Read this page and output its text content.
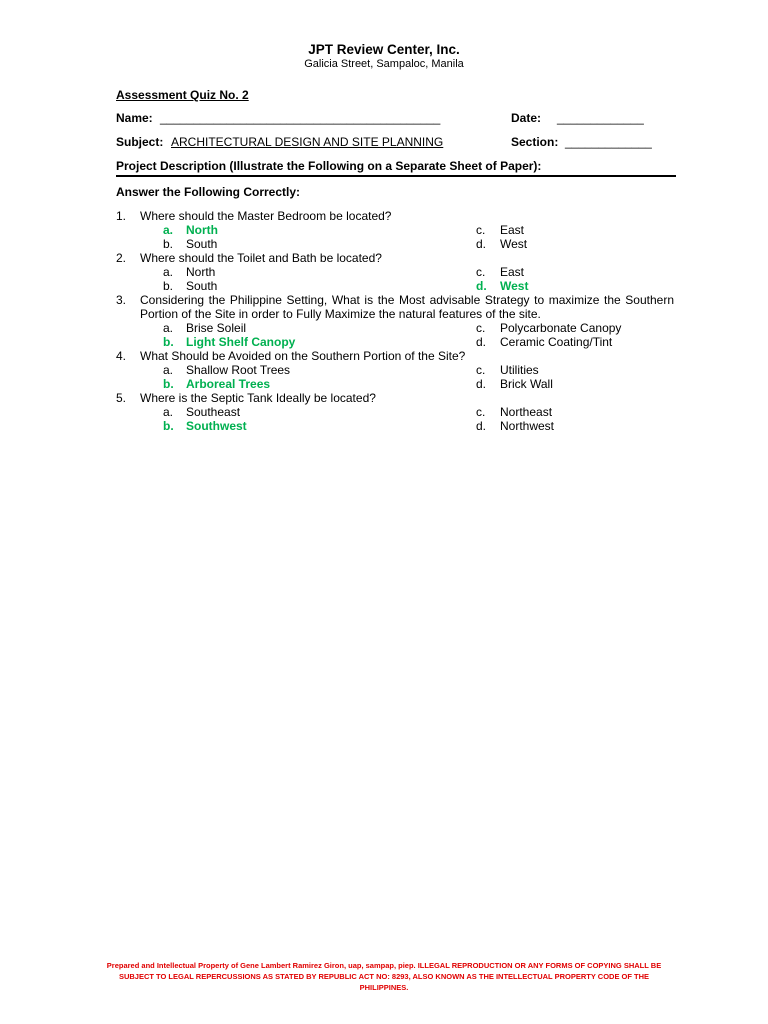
JPT Review Center, Inc.
Galicia Street, Sampaloc, Manila
Assessment Quiz No. 2
Name: __________________________________________	Date: _____________
Subject: ARCHITECTURAL DESIGN AND SITE PLANNING	Section: _____________
Project Description (Illustrate the Following on a Separate Sheet of Paper):
Answer the Following Correctly:
1. Where should the Master Bedroom be located?
a. North	c. East
b. South	d. West
2. Where should the Toilet and Bath be located?
a. North	c. East
b. South	d. West
3. Considering the Philippine Setting, What is the Most advisable Strategy to maximize the Southern Portion of the Site in order to Fully Maximize the natural features of the site.
a. Brise Soleil	c. Polycarbonate Canopy
b. Light Shelf Canopy	d. Ceramic Coating/Tint
4. What Should be Avoided on the Southern Portion of the Site?
a. Shallow Root Trees	c. Utilities
b. Arboreal Trees	d. Brick Wall
5. Where is the Septic Tank Ideally be located?
a. Southeast	c. Northeast
b. Southwest	d. Northwest
Prepared and Intellectual Property of Gene Lambert Ramirez Giron, uap, sampap, piep. ILLEGAL REPRODUCTION OR ANY FORMS OF COPYING SHALL BE
SUBJECT TO LEGAL REPERCUSSIONS AS STATED BY REPUBLIC ACT NO: 8293, ALSO KNOWN AS THE INTELLECTUAL PROPERTY CODE OF THE PHILIPPINES.
